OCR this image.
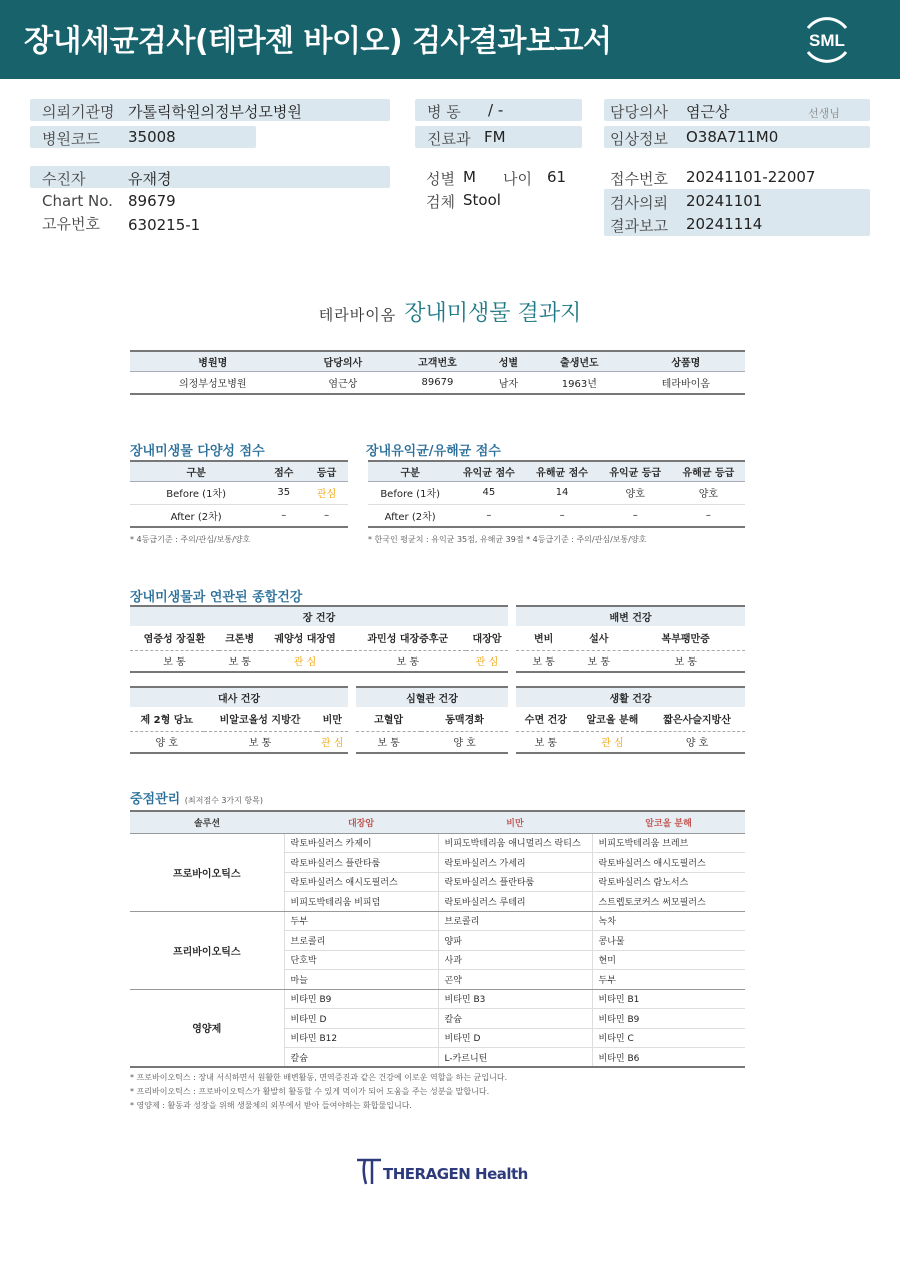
장내세균검사(테라젠 바이오) 검사결과보고서	SML
의뢰기관명 가톨릭학원의정부성모병원
병원코드 35008
병 동 / -
진료과 FM
담당의사 염근상	선생님
임상정보 O38A711M0
수진자	유재경
Chart No. 89679
고유번호 630215-1
성별 M 나이 61
검체 Stool
접수번호 20241101-22007
검사의뢰 20241101
결과보고 20241114
테라바이옴 장내미생물 결과지
병원명	담당의사	고객번호	성별	출생년도	상품명
의정부성모병원	염근상	89679	남자	1963년	테라바이옴
장내미생물 다양성 점수
구분	점수	등급
Before (1차)	35	관심
After (2차)	–	–
* 4등급기준 : 주의/관심/보통/양호
장내유익균/유해균 점수
구분	유익균 점수	유해균 점수	유익균 등급	유해균 등급
Before (1차)	45	14	양호	양호
After (2차)	–	–	–	–
* 한국인 평균치 : 유익균 35점, 유해균 39점 * 4등급기준 : 주의/관심/보통/양호
장내미생물과 연관된 종합건강
장 건강				
염증성 장질환	크론병	궤양성 대장염	과민성 대장증후군	대장암
보 통	보 통	관 심	보 통	관 심
배변 건강		
변비	설사	복부팽만증
보 통	보 통	보 통
대사 건강		
제 2형 당뇨	비알코올성 지방간	비만
양 호	보 통	관 심
심혈관 건강	
고혈압	동맥경화
보 통	양 호
생활 건강		
수면 건강	알코올 분해	짧은사슬지방산
보 통	관 심	양 호
중점관리 (최저점수 3가지 항목)
솔루션	대장암	비만	알코올 분해
프로바이오틱스	락토바실러스 카제이	비피도박테리움 애니멀리스 락티스	비피도박테리움 브레브
	락토바실러스 플란타룸	락토바실러스 가세리	락토바실러스 애시도필러스
	락토바실러스 애시도필러스	락토바실러스 플란타룸	락토바실러스 람노서스
	비피도박테리움 비피덤	락토바실러스 루테리	스트렙토코커스 써모필러스
프리바이오틱스	두부	브로콜리	녹차
	브로콜리	양파	콩나물
	단호박	사과	현미
	마늘	곤약	두부
영양제	비타민 B9	비타민 B3	비타민 B1
	비타민 D	칼슘	비타민 B9
	비타민 B12	비타민 D	비타민 C
	칼슘	L-카르니틴	비타민 B6
* 프로바이오틱스 : 장내 서식하면서 원활한 배변활동, 면역증진과 같은 건강에 이로운 역할을 하는 균입니다.
* 프리바이오틱스 : 프로바이오틱스가 활발히 활동할 수 있게 먹이가 되어 도움을 주는 성분을 말합니다.
* 영양제 : 활동과 성장을 위해 생물체의 외부에서 받아 들여야하는 화합물입니다.
THERAGEN Health
